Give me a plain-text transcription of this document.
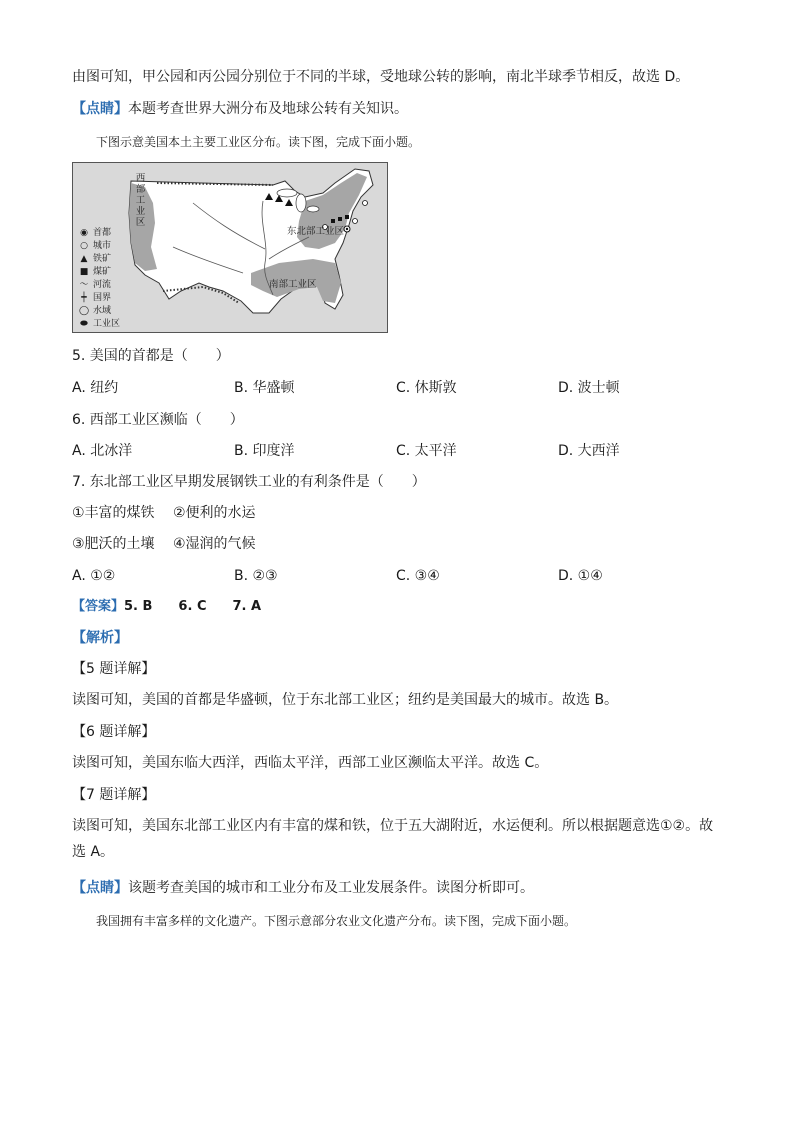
由图可知，甲公园和丙公园分别位于不同的半球，受地球公转的影响，南北半球季节相反，故选 D。
【点睛】本题考查世界大洲分布及地球公转有关知识。
下图示意美国本土主要工业区分布。读下图，完成下面小题。
西部工业区
东北部工业区
南部工业区
◉ 首都
○ 城市
▲ 铁矿
■ 煤矿
〜 河流
┿ 国界
◯ 水域
⬬ 工业区
5. 美国的首都是（　　）
A. 纽约	B. 华盛顿	C. 休斯敦	D. 波士顿
6. 西部工业区濒临（　　）
A. 北冰洋	B. 印度洋	C. 太平洋	D. 大西洋
7. 东北部工业区早期发展钢铁工业的有利条件是（　　）
①丰富的煤铁　 ②便利的水运
③肥沃的土壤　 ④湿润的气候
A. ①②	B. ②③	C. ③④	D. ①④
【答案】5. B　　6. C　　7. A
【解析】
【5 题详解】
读图可知，美国的首都是华盛顿，位于东北部工业区；纽约是美国最大的城市。故选 B。
【6 题详解】
读图可知，美国东临大西洋，西临太平洋，西部工业区濒临太平洋。故选 C。
【7 题详解】
读图可知，美国东北部工业区内有丰富的煤和铁，位于五大湖附近，水运便利。所以根据题意选①②。故选 A。
【点睛】该题考查美国的城市和工业分布及工业发展条件。读图分析即可。
我国拥有丰富多样的文化遗产。下图示意部分农业文化遗产分布。读下图，完成下面小题。
